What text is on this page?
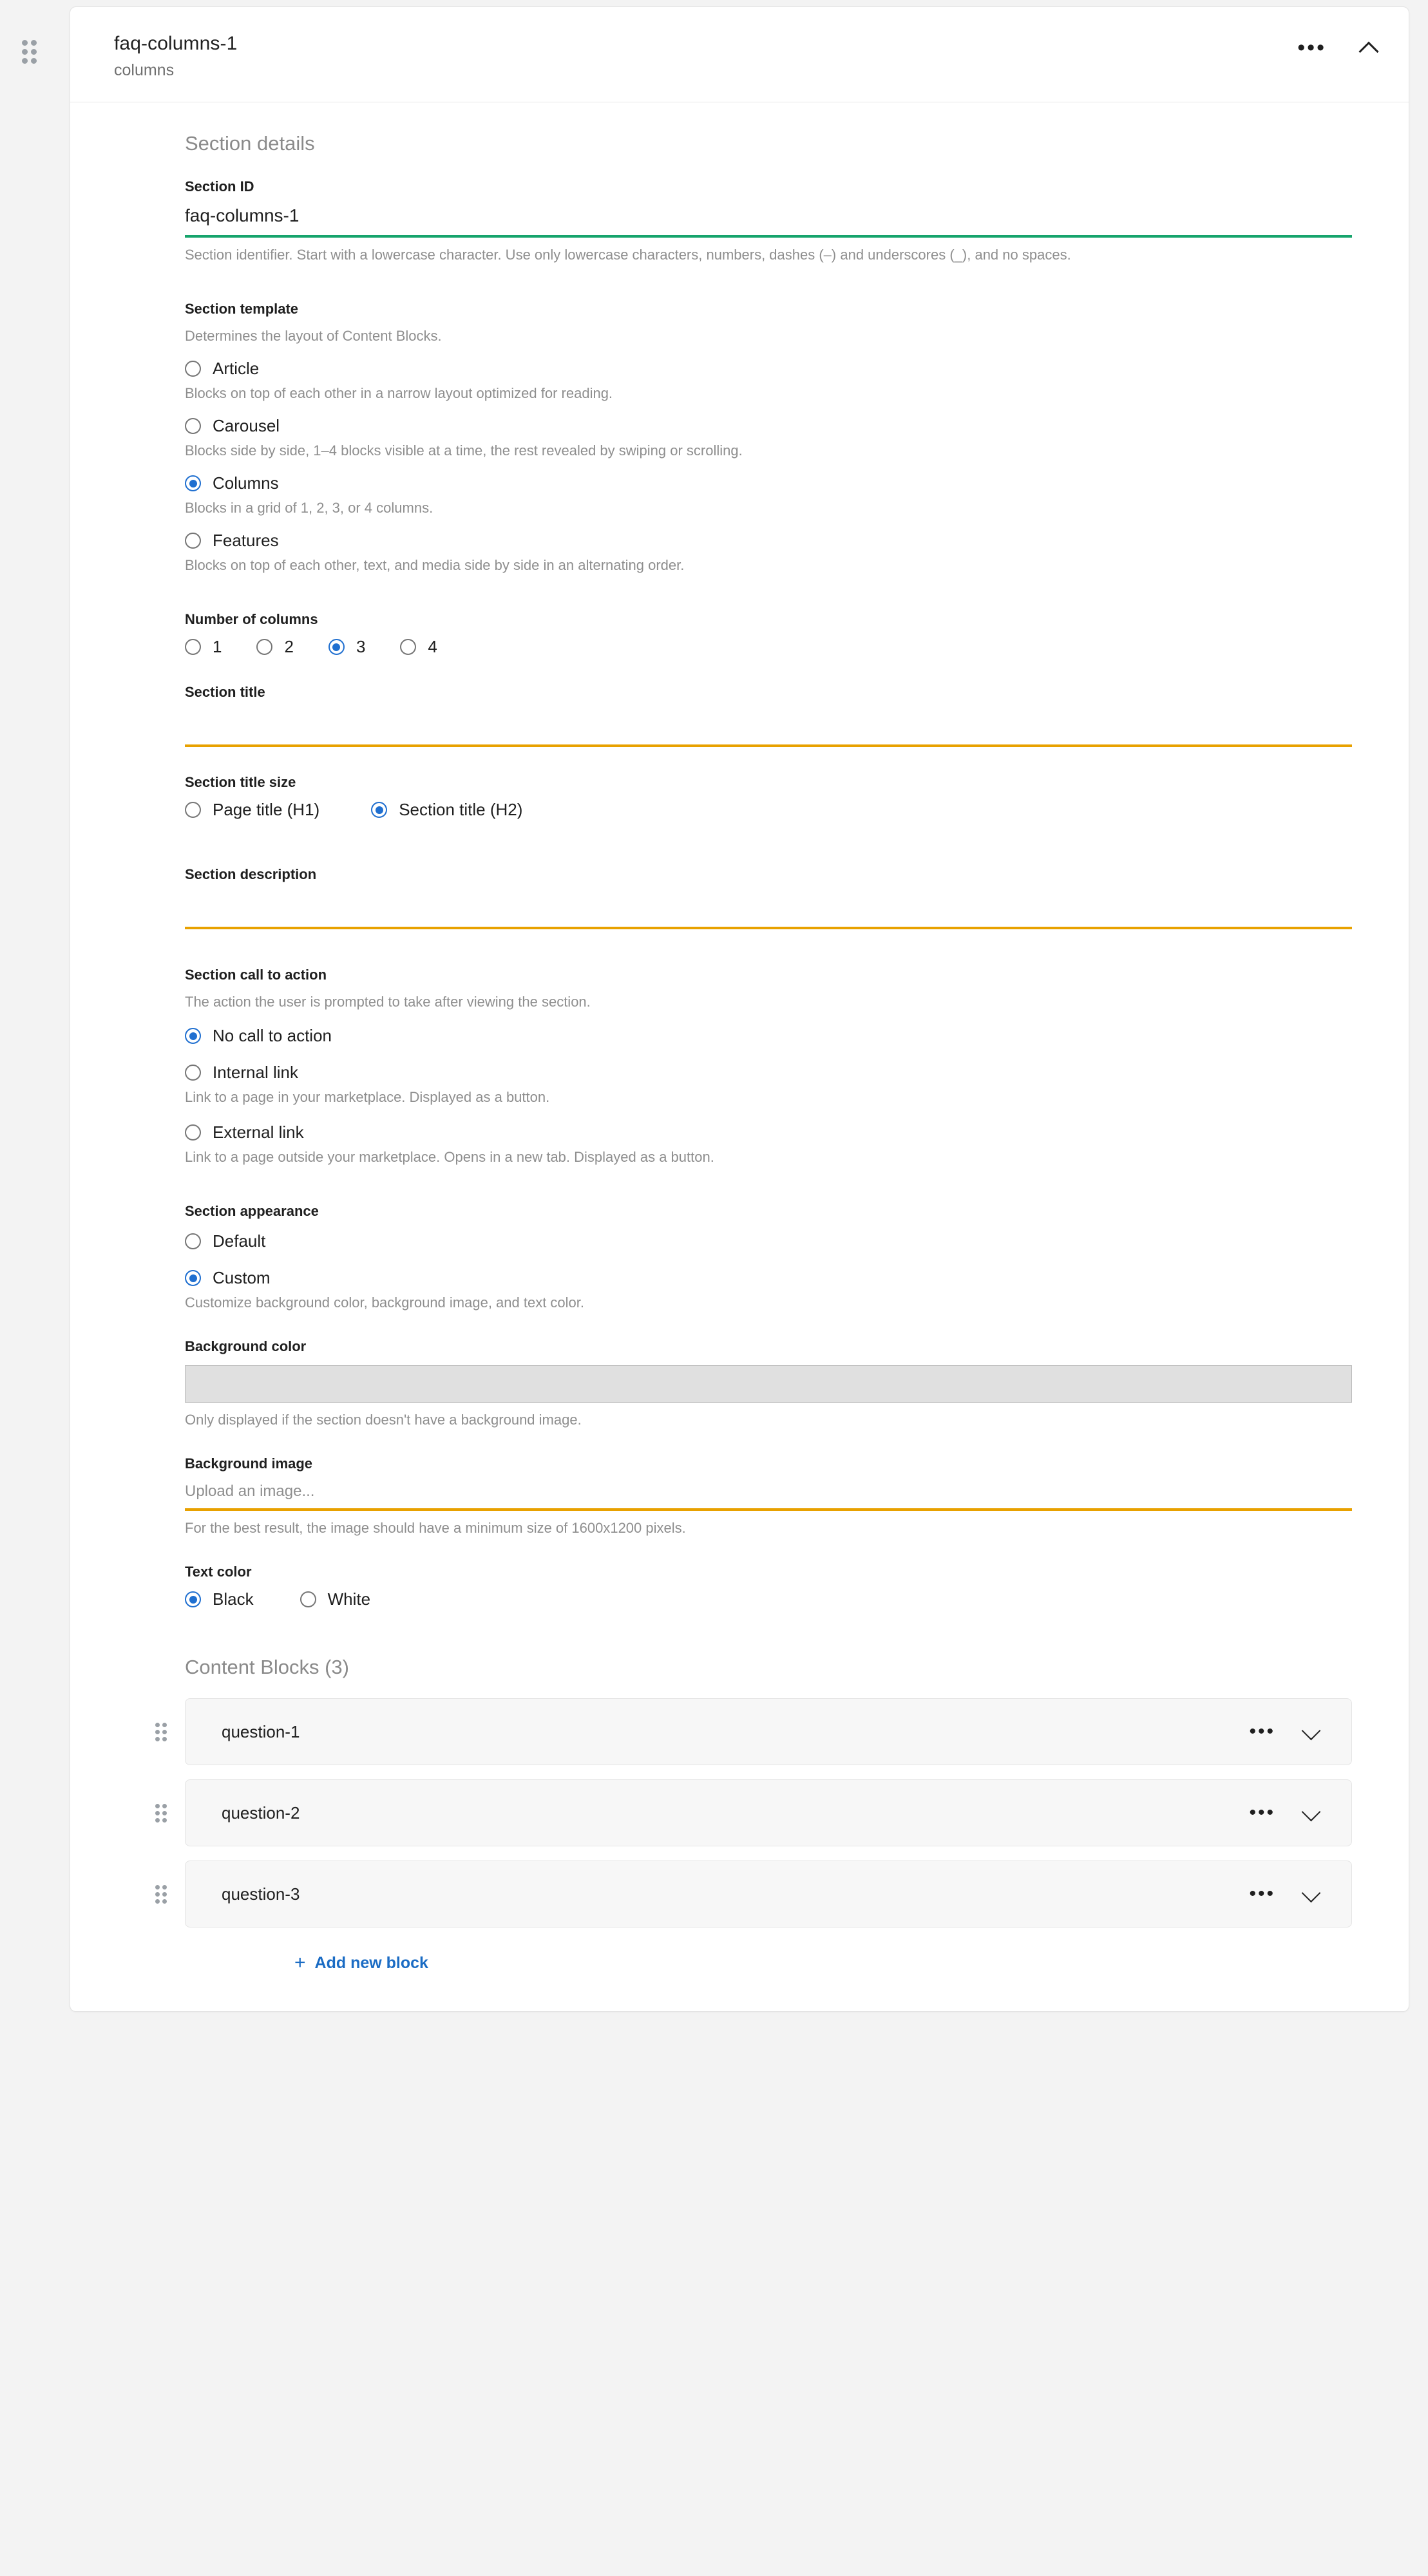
faq-columns-1
columns
•••
Section details
Section ID
faq-columns-1
Section identifier. Start with a lowercase character. Use only lowercase characters, numbers, dashes (–) and underscores (_), and no spaces.
Section template
Determines the layout of Content Blocks.
Article
Blocks on top of each other in a narrow layout optimized for reading.
Carousel
Blocks side by side, 1–4 blocks visible at a time, the rest revealed by swiping or scrolling.
Columns
Blocks in a grid of 1, 2, 3, or 4 columns.
Features
Blocks on top of each other, text, and media side by side in an alternating order.
Number of columns
1	2	3	4
Section title
Section title size
Page title (H1)	Section title (H2)
Section description
Section call to action
The action the user is prompted to take after viewing the section.
No call to action
Internal link
Link to a page in your marketplace. Displayed as a button.
External link
Link to a page outside your marketplace. Opens in a new tab. Displayed as a button.
Section appearance
Default
Custom
Customize background color, background image, and text color.
Background color
Only displayed if the section doesn't have a background image.
Background image
Upload an image...
For the best result, the image should have a minimum size of 1600x1200 pixels.
Text color
Black	White
Content Blocks (3)
question-1	•••
question-2	•••
question-3	•••
+ Add new block
